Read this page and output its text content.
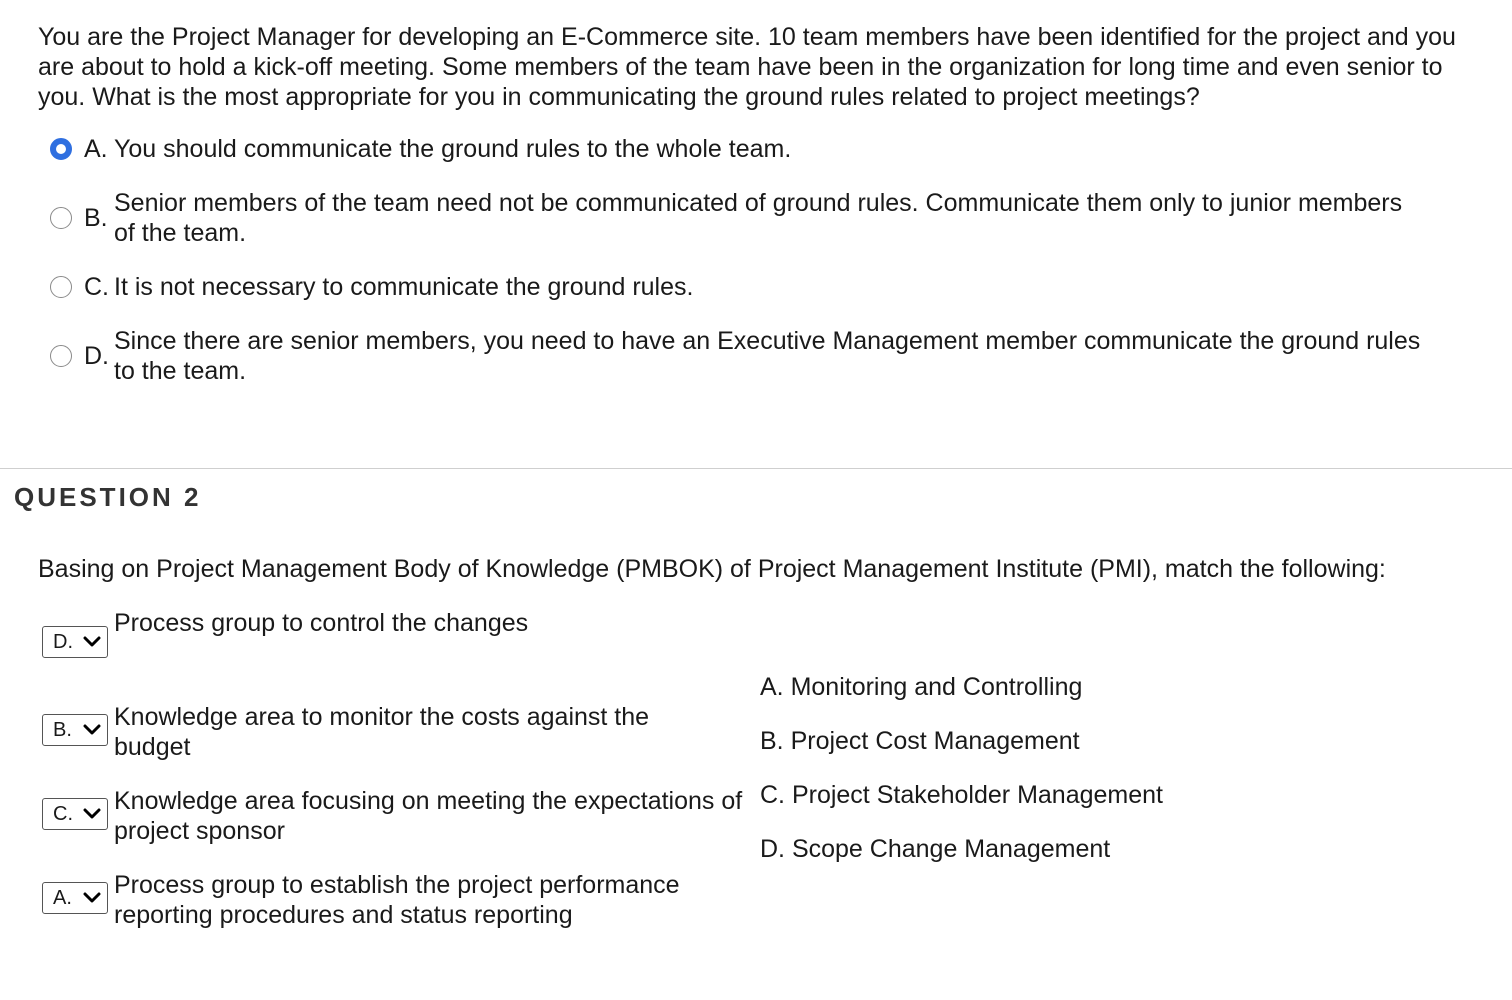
You are the Project Manager for developing an E-Commerce site. 10 team members have been identified for the project and you are about to hold a kick-off meeting. Some members of the team have been in the organization for long time and even senior to you. What is the most appropriate for you in communicating the ground rules related to project meetings?
A. You should communicate the ground rules to the whole team.
B.
Senior members of the team need not be communicated of ground rules. Communicate them only to junior members of the team.
C. It is not necessary to communicate the ground rules.
D.
Since there are senior members, you need to have an Executive Management member communicate the ground rules to the team.
QUESTION 2
Basing on Project Management Body of Knowledge (PMBOK) of Project Management Institute (PMI), match the following:
D.
Process group to control the changes
B. Knowledge area to monitor the costs against the budget
C. Knowledge area focusing on meeting the expectations of project sponsor
A. Process group to establish the project performance reporting procedures and status reporting
A. Monitoring and Controlling
B. Project Cost Management
C. Project Stakeholder Management
D. Scope Change Management
